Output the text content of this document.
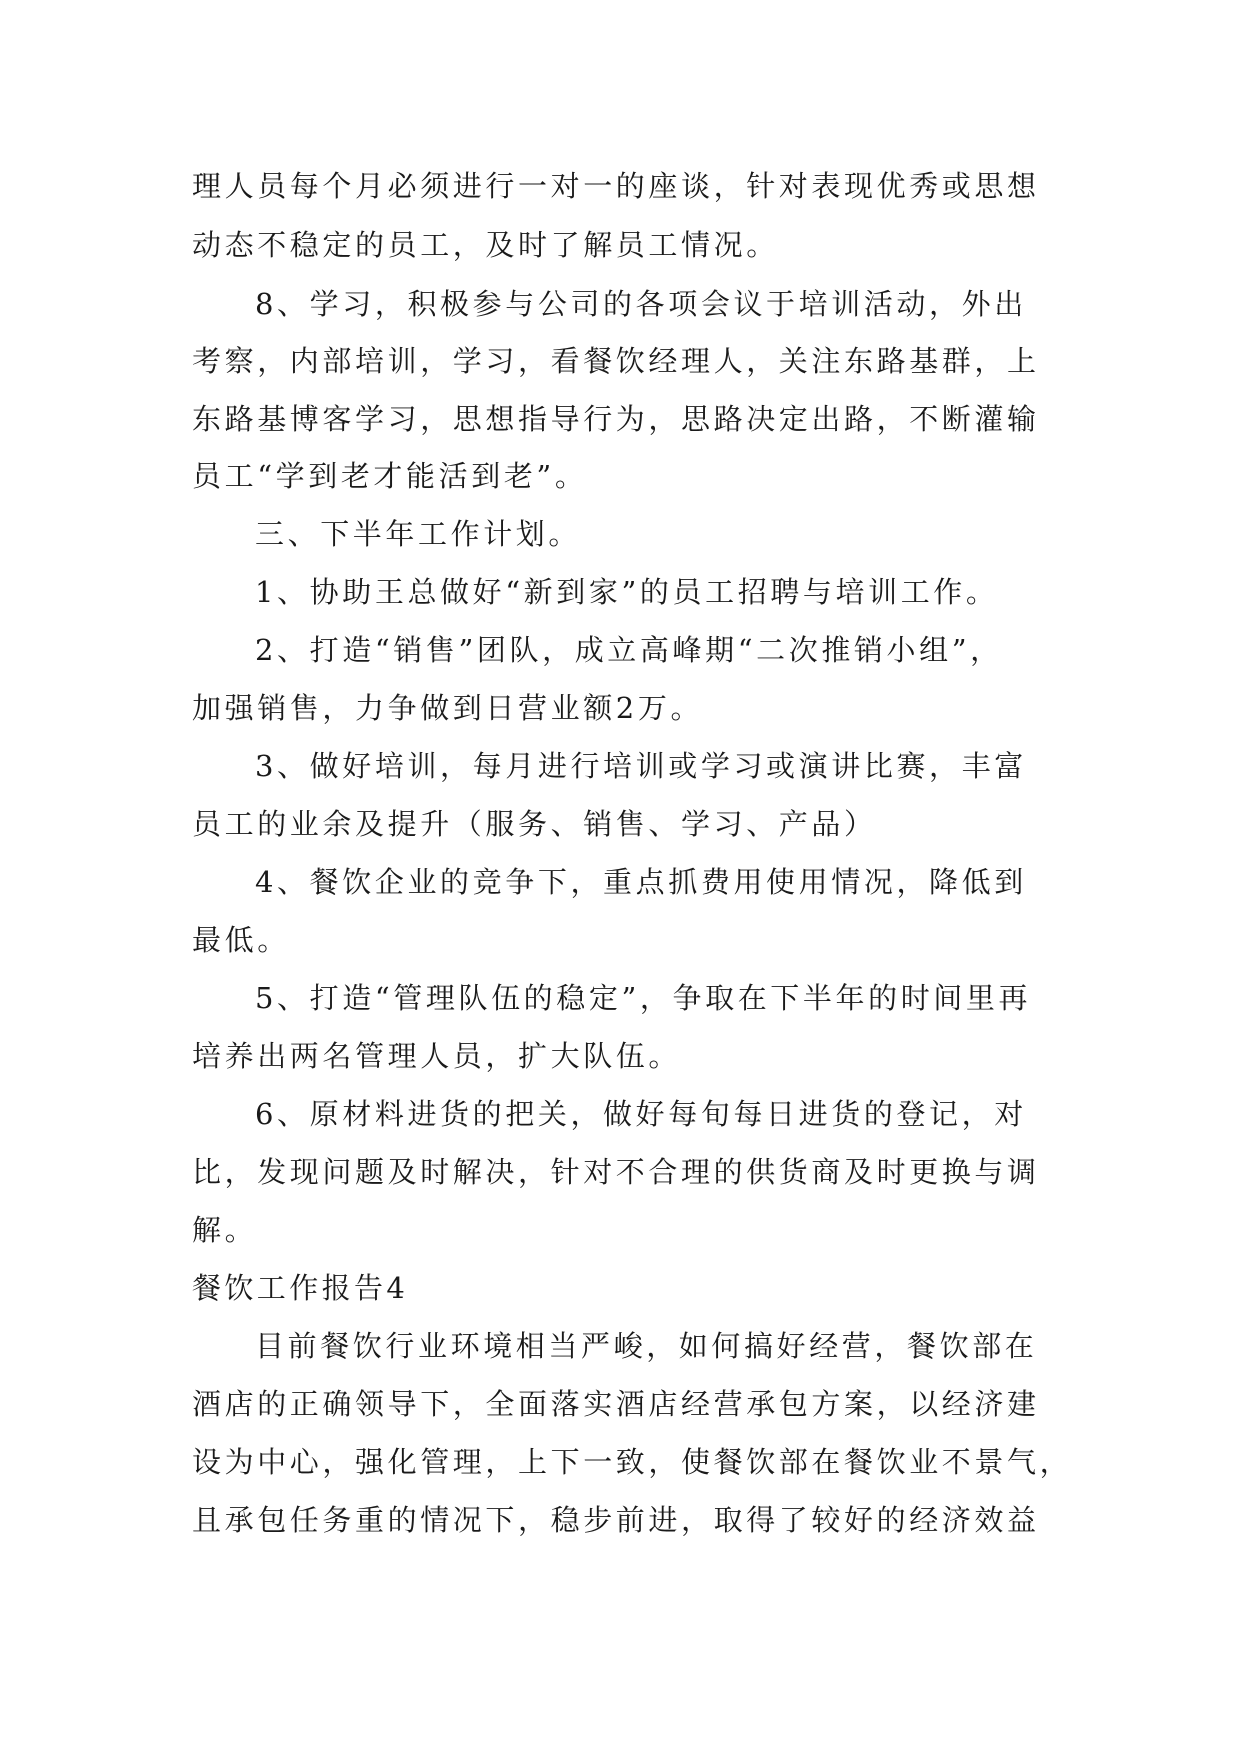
理人员每个月必须进行一对一的座谈，针对表现优秀或思想
动态不稳定的员工，及时了解员工情况。
8、学习，积极参与公司的各项会议于培训活动，外出
考察，内部培训，学习，看餐饮经理人，关注东路基群，上
东路基博客学习，思想指导行为，思路决定出路，不断灌输
员工“学到老才能活到老”。
三、下半年工作计划。
1、协助王总做好“新到家”的员工招聘与培训工作。
2、打造“销售”团队，成立高峰期“二次推销小组”，
加强销售，力争做到日营业额2万。
3、做好培训，每月进行培训或学习或演讲比赛，丰富
员工的业余及提升（服务、销售、学习、产品）
4、餐饮企业的竞争下，重点抓费用使用情况，降低到
最低。
5、打造“管理队伍的稳定”，争取在下半年的时间里再
培养出两名管理人员，扩大队伍。
6、原材料进货的把关，做好每旬每日进货的登记，对
比，发现问题及时解决，针对不合理的供货商及时更换与调
解。
餐饮工作报告4
目前餐饮行业环境相当严峻，如何搞好经营，餐饮部在
酒店的正确领导下，全面落实酒店经营承包方案，以经济建
设为中心，强化管理，上下一致，使餐饮部在餐饮业不景气，
且承包任务重的情况下，稳步前进，取得了较好的经济效益
